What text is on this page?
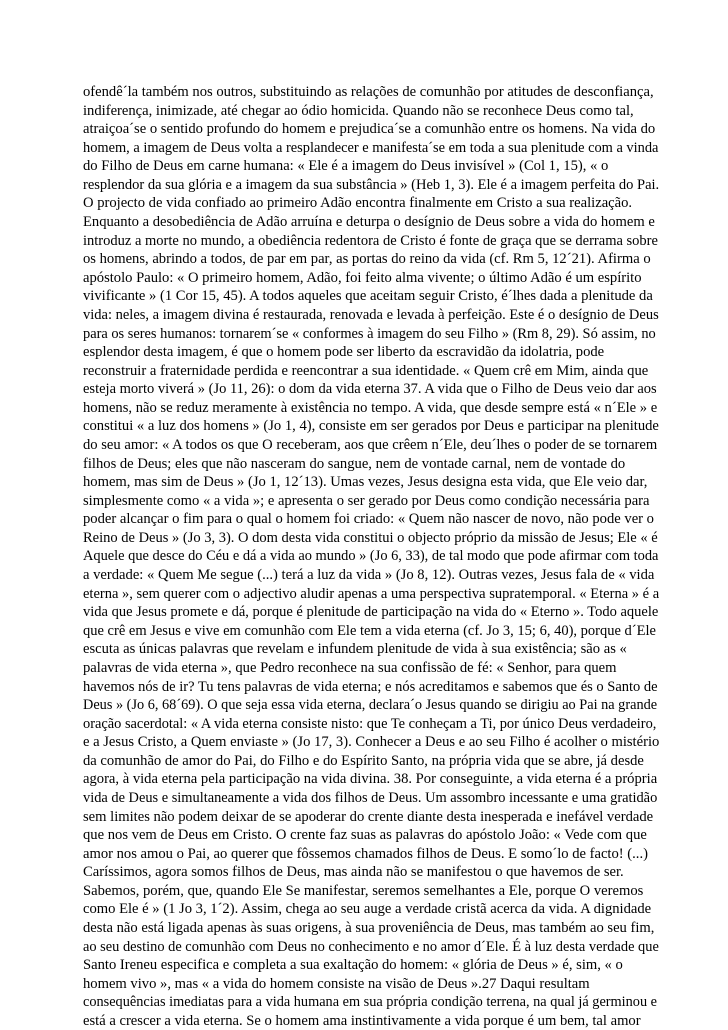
ofendê´la também nos outros, substituindo as relações de comunhão por atitudes de desconfiança,
indiferença, inimizade, até chegar ao ódio homicida. Quando não se reconhece Deus como tal,
atraiçoa´se o sentido profundo do homem e prejudica´se a comunhão entre os homens. Na vida do
homem, a imagem de Deus volta a resplandecer e manifesta´se em toda a sua plenitude com a vinda
do Filho de Deus em carne humana: « Ele é a imagem do Deus invisível » (Col 1, 15), « o
resplendor da sua glória e a imagem da sua substância » (Heb 1, 3). Ele é a imagem perfeita do Pai.
O projecto de vida confiado ao primeiro Adão encontra finalmente em Cristo a sua realização.
Enquanto a desobediência de Adão arruína e deturpa o desígnio de Deus sobre a vida do homem e
introduz a morte no mundo, a obediência redentora de Cristo é fonte de graça que se derrama sobre
os homens, abrindo a todos, de par em par, as portas do reino da vida (cf. Rm 5, 12´21). Afirma o
apóstolo Paulo: « O primeiro homem, Adão, foi feito alma vivente; o último Adão é um espírito
vivificante » (1 Cor 15, 45). A todos aqueles que aceitam seguir Cristo, é´lhes dada a plenitude da
vida: neles, a imagem divina é restaurada, renovada e levada à perfeição. Este é o desígnio de Deus
para os seres humanos: tornarem´se « conformes à imagem do seu Filho » (Rm 8, 29). Só assim, no
esplendor desta imagem, é que o homem pode ser liberto da escravidão da idolatria, pode
reconstruir a fraternidade perdida e reencontrar a sua identidade. « Quem crê em Mim, ainda que
esteja morto viverá » (Jo 11, 26): o dom da vida eterna 37. A vida que o Filho de Deus veio dar aos
homens, não se reduz meramente à existência no tempo. A vida, que desde sempre está « n´Ele » e
constitui « a luz dos homens » (Jo 1, 4), consiste em ser gerados por Deus e participar na plenitude
do seu amor: « A todos os que O receberam, aos que crêem n´Ele, deu´lhes o poder de se tornarem
filhos de Deus; eles que não nasceram do sangue, nem de vontade carnal, nem de vontade do
homem, mas sim de Deus » (Jo 1, 12´13). Umas vezes, Jesus designa esta vida, que Ele veio dar,
simplesmente como « a vida »; e apresenta o ser gerado por Deus como condição necessária para
poder alcançar o fim para o qual o homem foi criado: « Quem não nascer de novo, não pode ver o
Reino de Deus » (Jo 3, 3). O dom desta vida constitui o objecto próprio da missão de Jesus; Ele « é
Aquele que desce do Céu e dá a vida ao mundo » (Jo 6, 33), de tal modo que pode afirmar com toda
a verdade: « Quem Me segue (...) terá a luz da vida » (Jo 8, 12). Outras vezes, Jesus fala de « vida
eterna », sem querer com o adjectivo aludir apenas a uma perspectiva supratemporal. « Eterna » é a
vida que Jesus promete e dá, porque é plenitude de participação na vida do « Eterno ». Todo aquele
que crê em Jesus e vive em comunhão com Ele tem a vida eterna (cf. Jo 3, 15; 6, 40), porque d´Ele
escuta as únicas palavras que revelam e infundem plenitude de vida à sua existência; são as «
palavras de vida eterna », que Pedro reconhece na sua confissão de fé: « Senhor, para quem
havemos nós de ir? Tu tens palavras de vida eterna; e nós acreditamos e sabemos que és o Santo de
Deus » (Jo 6, 68´69). O que seja essa vida eterna, declara´o Jesus quando se dirigiu ao Pai na grande
oração sacerdotal: « A vida eterna consiste nisto: que Te conheçam a Ti, por único Deus verdadeiro,
e a Jesus Cristo, a Quem enviaste » (Jo 17, 3). Conhecer a Deus e ao seu Filho é acolher o mistério
da comunhão de amor do Pai, do Filho e do Espírito Santo, na própria vida que se abre, já desde
agora, à vida eterna pela participação na vida divina. 38. Por conseguinte, a vida eterna é a própria
vida de Deus e simultaneamente a vida dos filhos de Deus. Um assombro incessante e uma gratidão
sem limites não podem deixar de se apoderar do crente diante desta inesperada e inefável verdade
que nos vem de Deus em Cristo. O crente faz suas as palavras do apóstolo João: « Vede com que
amor nos amou o Pai, ao querer que fôssemos chamados filhos de Deus. E somo´lo de facto! (...)
Caríssimos, agora somos filhos de Deus, mas ainda não se manifestou o que havemos de ser.
Sabemos, porém, que, quando Ele Se manifestar, seremos semelhantes a Ele, porque O veremos
como Ele é » (1 Jo 3, 1´2). Assim, chega ao seu auge a verdade cristã acerca da vida. A dignidade
desta não está ligada apenas às suas origens, à sua proveniência de Deus, mas também ao seu fim,
ao seu destino de comunhão com Deus no conhecimento e no amor d´Ele. É à luz desta verdade que
Santo Ireneu especifica e completa a sua exaltação do homem: « glória de Deus » é, sim, « o
homem vivo », mas « a vida do homem consiste na visão de Deus ».27 Daqui resultam
consequências imediatas para a vida humana em sua própria condição terrena, na qual já germinou e
está a crescer a vida eterna. Se o homem ama instintivamente a vida porque é um bem, tal amor
